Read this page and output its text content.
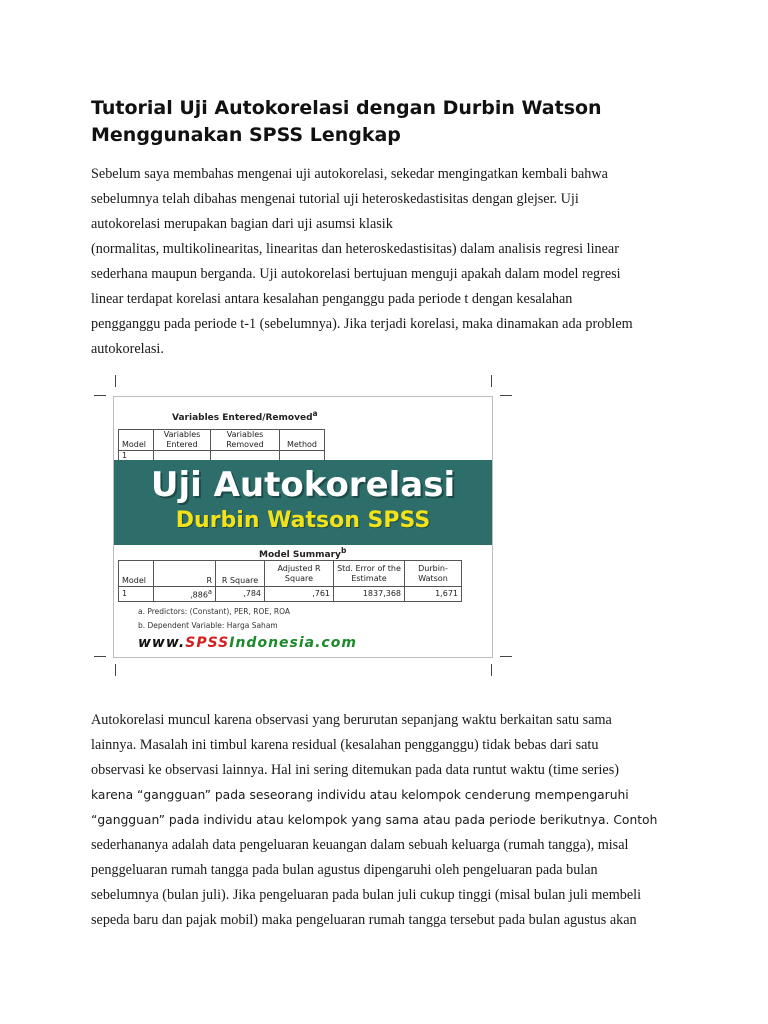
Tutorial Uji Autokorelasi dengan Durbin Watson
Menggunakan SPSS Lengkap

Sebelum saya membahas mengenai uji autokorelasi, sekedar mengingatkan kembali bahwa
sebelumnya telah dibahas mengenai tutorial uji heteroskedastisitas dengan glejser. Uji
autokorelasi merupakan bagian dari uji asumsi klasik
(normalitas, multikolinearitas, linearitas dan heteroskedastisitas) dalam analisis regresi linear
sederhana maupun berganda. Uji autokorelasi bertujuan menguji apakah dalam model regresi
linear terdapat korelasi antara kesalahan penganggu pada periode t dengan kesalahan
pengganggu pada periode t-1 (sebelumnya). Jika terjadi korelasi, maka dinamakan ada problem
autokorelasi.

Variables Entered/Removed$^a$
Model	Variables Entered	Variables Removed	Method
1			
Uji Autokorelasi
Durbin Watson SPSS
Model Summary$^b$
Model	R	R Square	Adjusted R Square	Std. Error of the Estimate	Durbin-Watson
1	,886$^a$	,784	,761	1837,368	1,671
a. Predictors: (Constant), PER, ROE, ROA
b. Dependent Variable: Harga Saham
www.SPSSIndonesia.com

Autokorelasi muncul karena observasi yang berurutan sepanjang waktu berkaitan satu sama
lainnya. Masalah ini timbul karena residual (kesalahan pengganggu) tidak bebas dari satu
observasi ke observasi lainnya. Hal ini sering ditemukan pada data runtut waktu (time series)
karena “gangguan” pada seseorang individu atau kelompok cenderung mempengaruhi
“gangguan” pada individu atau kelompok yang sama atau pada periode berikutnya. Contoh
sederhananya adalah data pengeluaran keuangan dalam sebuah keluarga (rumah tangga), misal
penggeluaran rumah tangga pada bulan agustus dipengaruhi oleh pengeluaran pada bulan
sebelumnya (bulan juli). Jika pengeluaran pada bulan juli cukup tinggi (misal bulan juli membeli
sepeda baru dan pajak mobil) maka pengeluaran rumah tangga tersebut pada bulan agustus akan
